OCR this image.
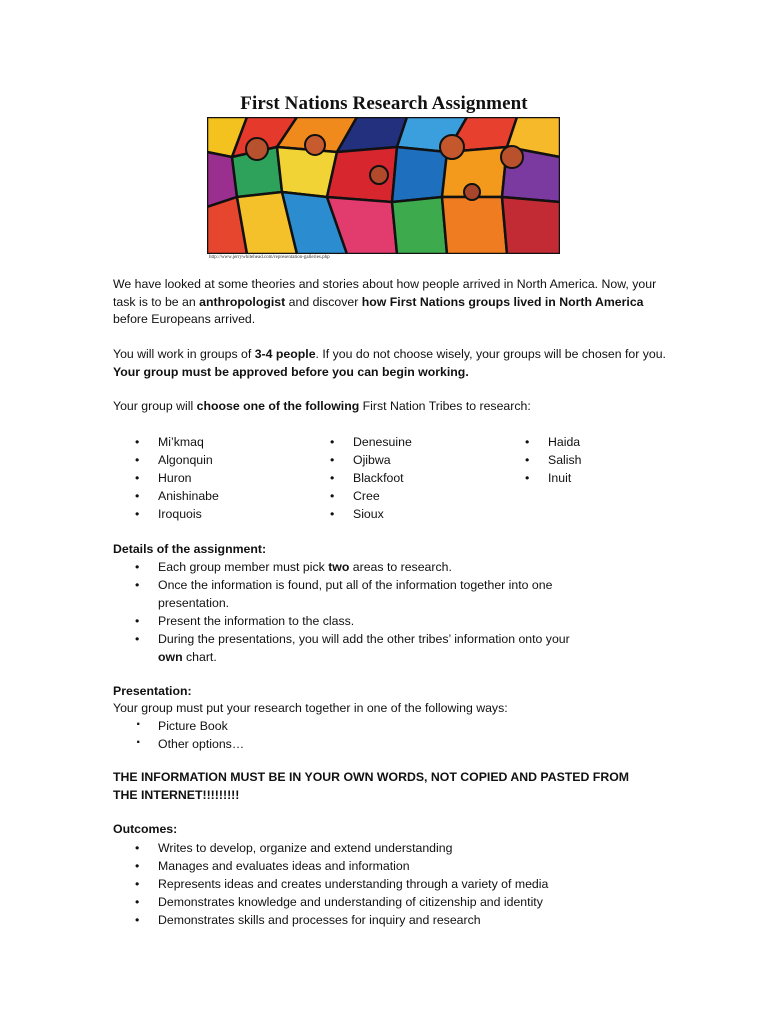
First Nations Research Assignment
http://www.jerrywhitehead.com/representation-galleries.php
We have looked at some theories and stories about how people arrived in North America. Now, your task is to be an anthropologist and discover how First Nations groups lived in North America before Europeans arrived.
You will work in groups of 3-4 people. If you do not choose wisely, your groups will be chosen for you. Your group must be approved before you can begin working.
Your group will choose one of the following First Nation Tribes to research:
• Mi’kmaq
• Algonquin
• Huron
• Anishinabe
• Iroquois
• Denesuine
• Ojibwa
• Blackfoot
• Cree
• Sioux
• Haida
• Salish
• Inuit
Details of the assignment:
• Each group member must pick two areas to research.
• Once the information is found, put all of the information together into one presentation.
• Present the information to the class.
• During the presentations, you will add the other tribes’ information onto your own chart.
Presentation:
Your group must put your research together in one of the following ways:
· Picture Book
· Other options…
THE INFORMATION MUST BE IN YOUR OWN WORDS, NOT COPIED AND PASTED FROM THE INTERNET!!!!!!!!!
Outcomes:
• Writes to develop, organize and extend understanding
• Manages and evaluates ideas and information
• Represents ideas and creates understanding through a variety of media
• Demonstrates knowledge and understanding of citizenship and identity
• Demonstrates skills and processes for inquiry and research
